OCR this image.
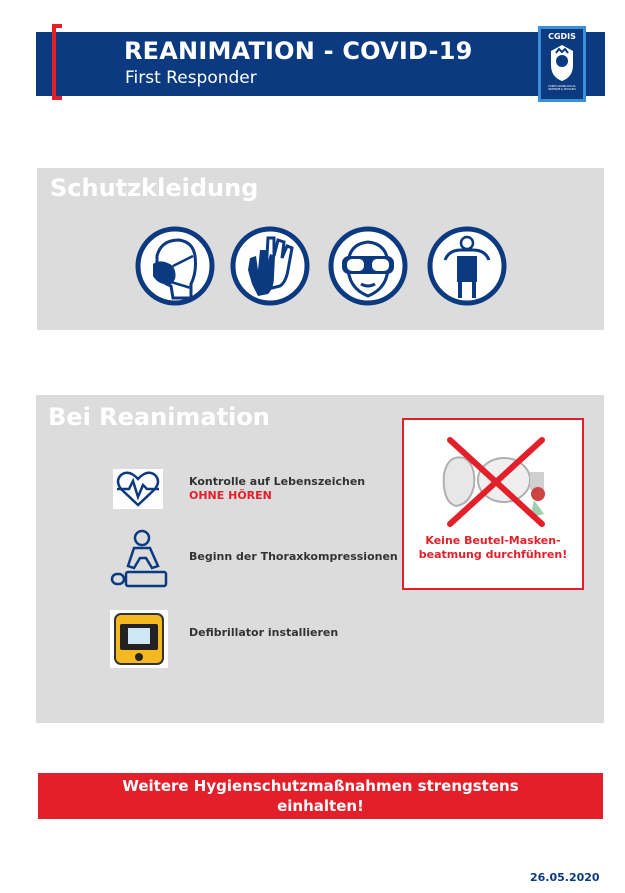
REANIMATION - COVID-19
First Responder
CGDIS
CORPS GRAND-DUCAL
INCENDIE & SECOURS
Schutzkleidung
Bei Reanimation
Kontrolle auf Lebenszeichen
OHNE HÖREN
Beginn der Thoraxkompressionen
Defibrillator installieren
Keine Beutel-Masken-
beatmung durchführen!
Weitere Hygienschutzmaßnahmen strengstens
einhalten!
26.05.2020
